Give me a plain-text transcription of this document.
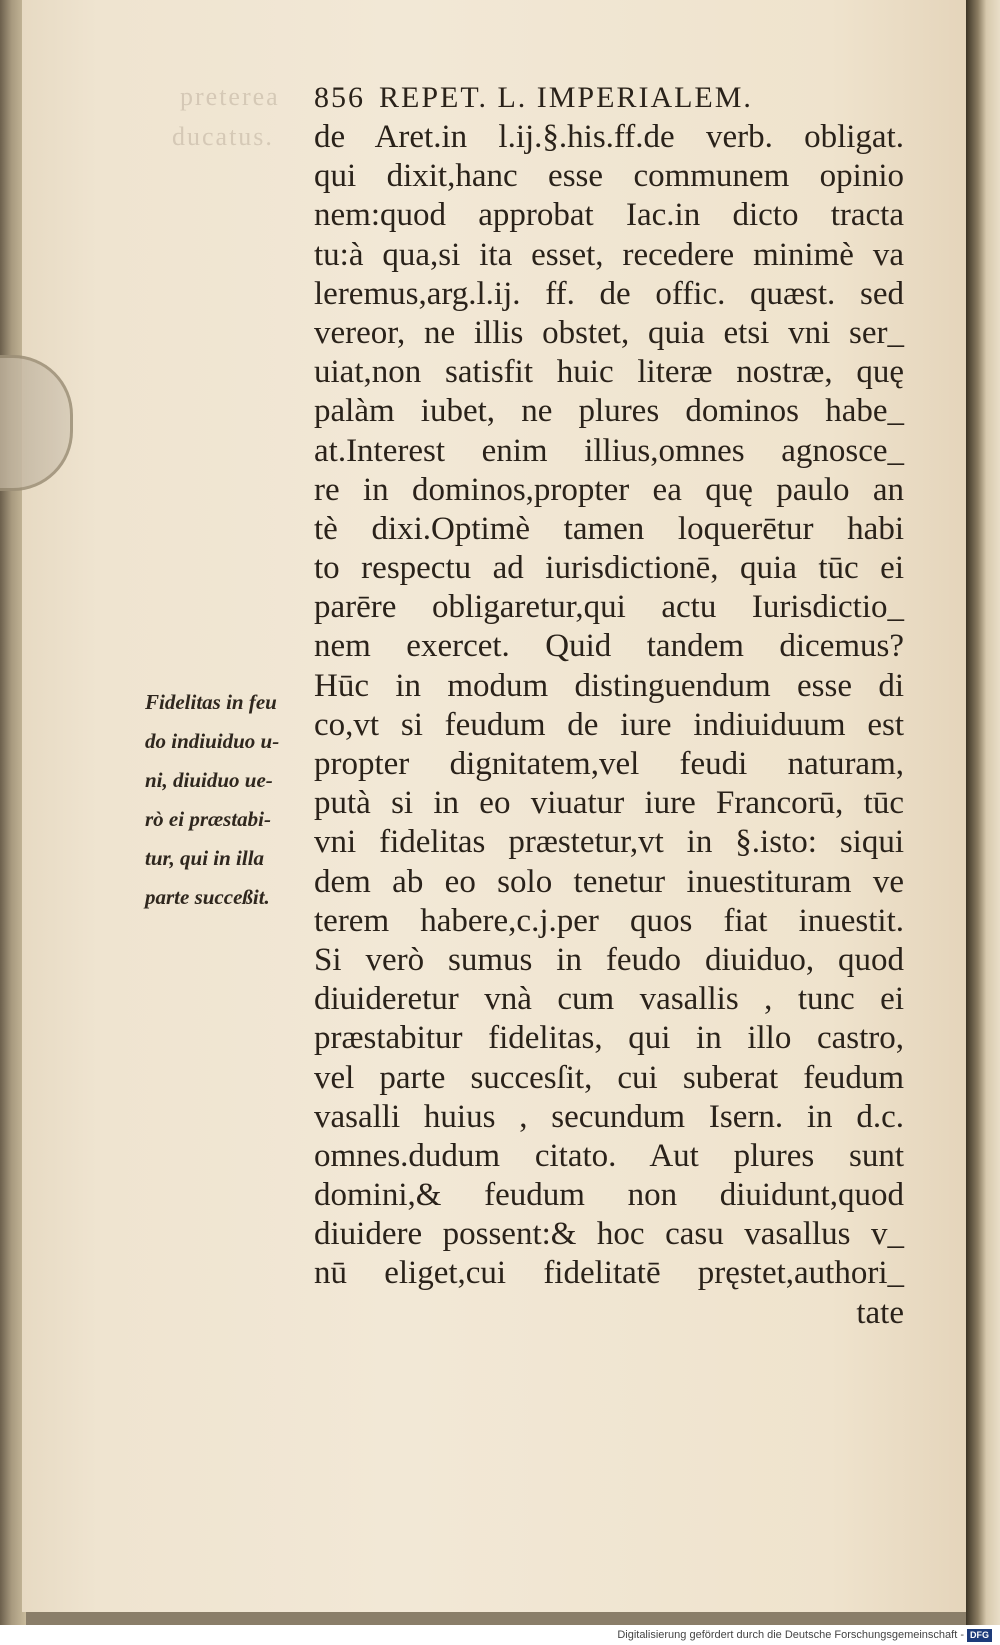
preterea
ducatus.
856 REPET. L. IMPERIALEM.
de Aret.in l.ij.§.his.ff.de verb. obligat.
qui dixit,hanc esse communem opinio
nem:quod approbat Iac.in dicto tracta
tu:à qua,si ita esset, recedere minimè va
leremus,arg.l.ij. ff. de offic. quæst. sed
vereor, ne illis obstet, quia etsi vni ser_
uiat,non satisfit huic literæ nostræ, quę
palàm iubet, ne plures dominos habe_
at.Interest enim illius,omnes agnosce_
re in dominos,propter ea quę paulo an
tè dixi.Optimè tamen loquerētur habi
to respectu ad iurisdictionē, quia tūc ei
parēre obligaretur,qui actu Iurisdictio_
nem exercet. Quid tandem dicemus?
Hūc in modum distinguendum esse di
co,vt si feudum de iure indiuiduum est
propter dignitatem,vel feudi naturam,
putà si in eo viuatur iure Francorū, tūc
vni fidelitas præstetur,vt in §.isto: siqui
dem ab eo solo tenetur inuestituram ve
terem habere,c.j.per quos fiat inuestit.
Si verò sumus in feudo diuiduo, quod
diuideretur vnà cum vasallis , tunc ei
præstabitur fidelitas, qui in illo castro,
vel parte succesſit, cui suberat feudum
vasalli huius , secundum Isern. in d.c.
omnes.dudum citato. Aut plures sunt
domini,& feudum non diuidunt,quod
diuidere possent:& hoc casu vasallus v_
nū eliget,cui fidelitatē pręstet,authori_
tate
Fidelitas in feu
do indiuiduo u-
ni, diuiduo ue-
rò ei præstabi-
tur, qui in illa
parte succeßit.
Digitalisierung gefördert durch die Deutsche Forschungsgemeinschaft - DFG
